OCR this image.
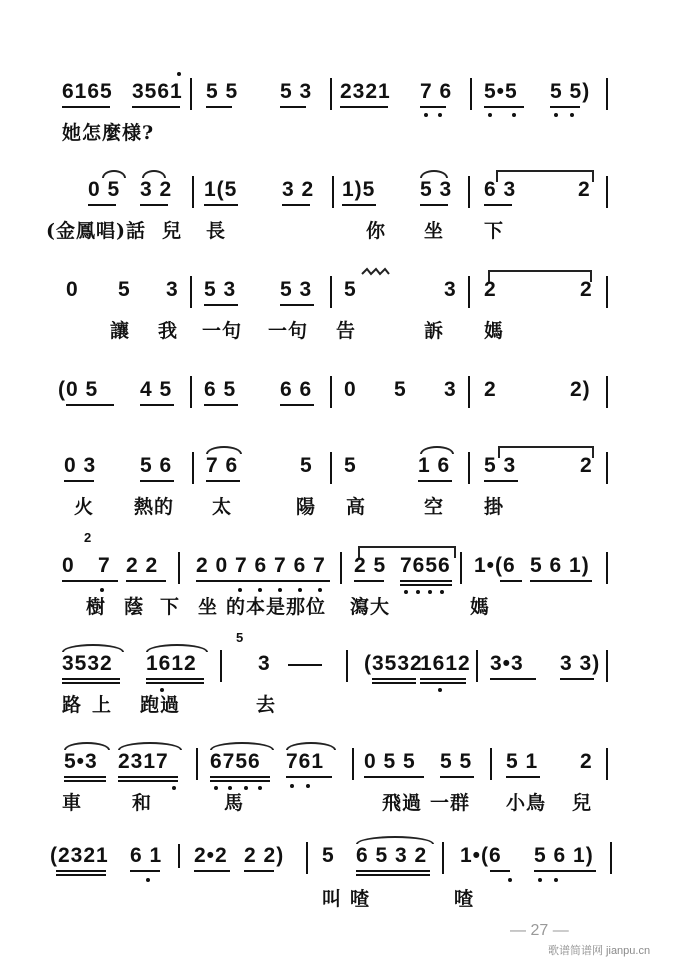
6165 3561 5 5 5 3 2321 7 6 5•5 5 5)
她怎麼様?
0 5 3 2 1(5 3 2 1)5 5 3 6 3	2
(金鳳唱)話 兒 長	你 坐 下
0 5 3 5 3 5 3 5	3 2	2
讓 我 一句 一句 告	訴 媽
(0 5 4 5 6 5 6 6 0 5 3 2	2)
0 3 5 6 7 6	5 5	1 6 5 3	2
火 熱的 太	陽 高	空 掛
2
0 7 2 2 2 0 7 6 7 6 7 2 5 7656 1•(6 5 6 1)
樹 蔭 下 坐 的本是那位 瀉大	媽
3532 1612
5
3	(3532
1612 3•3 3 3)
路 上 跑過	去
5•3 2317 6756 761 0 5 5 5 5 5 1 2
車	和	馬	飛過 一群 小鳥 兒
(2321 6 1 2•2 2 2) 5 6 5 3 2 1•(6 5 6 1)
叫 喳	喳
— 27 —
歌谱简谱网 jianpu.cn
